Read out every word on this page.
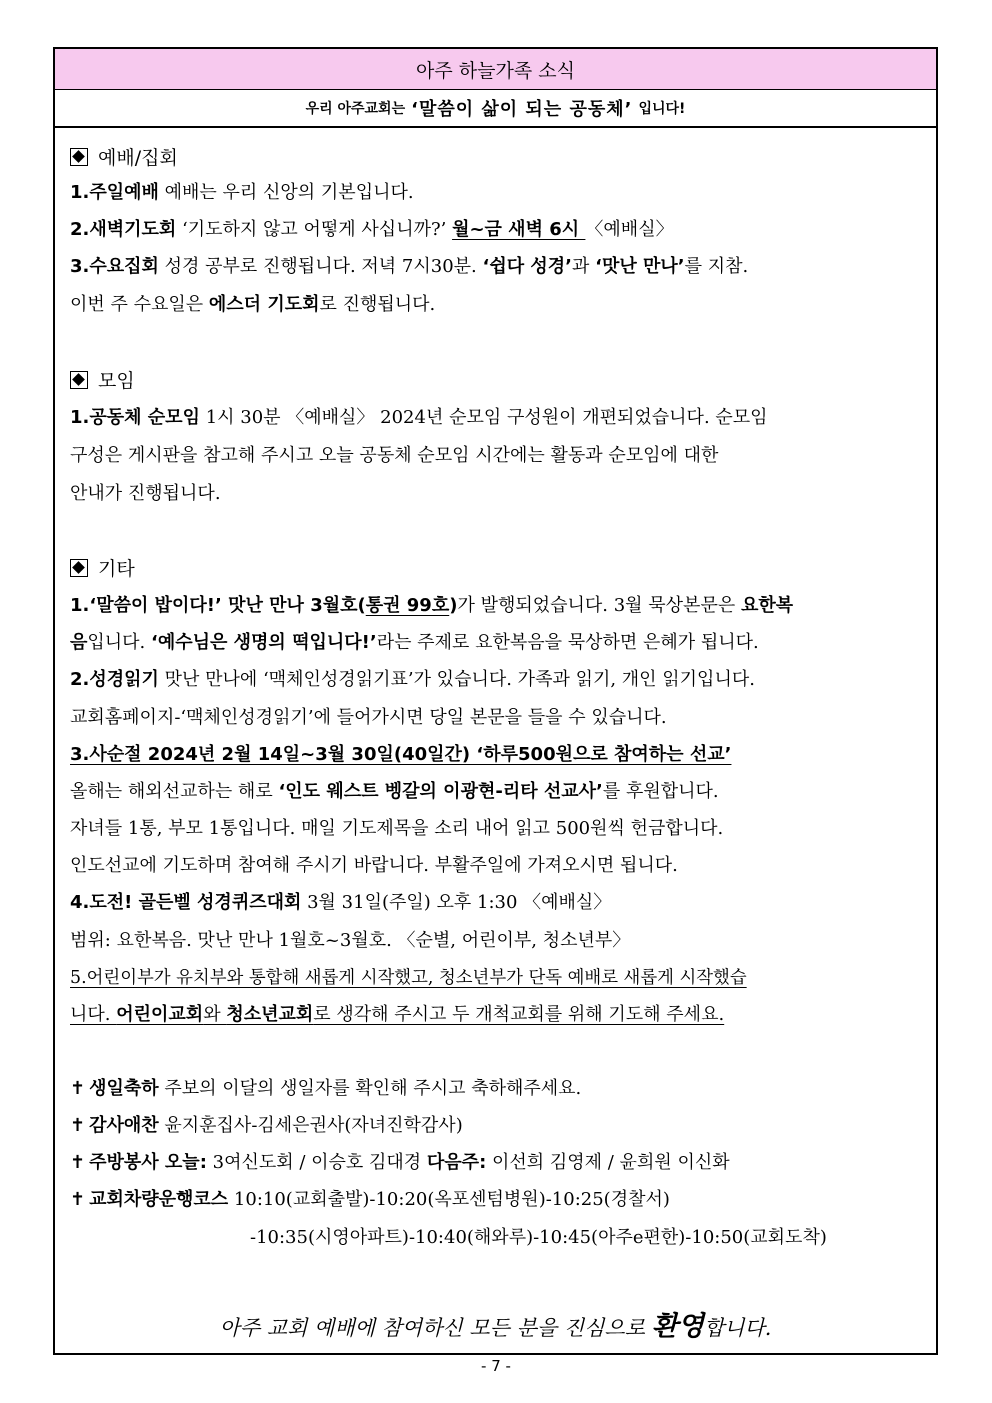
아주 하늘가족 소식
우리 아주교회는 ‘말씀이 삶이 되는 공동체’ 입니다!
예배/집회
1.주일예배 예배는 우리 신앙의 기본입니다.
2.새벽기도회 ‘기도하지 않고 어떻게 사십니까?’ 월~금 새벽 6시 〈예배실〉
3.수요집회 성경 공부로 진행됩니다. 저녁 7시30분. ‘쉽다 성경’과 ‘맛난 만나’를 지참.
이번 주 수요일은 에스더 기도회로 진행됩니다.
모임
1.공동체 순모임 1시 30분 〈예배실〉 2024년 순모임 구성원이 개편되었습니다. 순모임
구성은 게시판을 참고해 주시고 오늘 공동체 순모임 시간에는 활동과 순모임에 대한
안내가 진행됩니다.
기타
1.‘말씀이 밥이다!’ 맛난 만나 3월호(통권 99호)가 발행되었습니다. 3월 묵상본문은 요한복
음입니다. ‘예수님은 생명의 떡입니다!’라는 주제로 요한복음을 묵상하면 은혜가 됩니다.
2.성경읽기 맛난 만나에 ‘맥체인성경읽기표’가 있습니다. 가족과 읽기, 개인 읽기입니다.
교회홈페이지-‘맥체인성경읽기’에 들어가시면 당일 본문을 들을 수 있습니다.
3.사순절 2024년 2월 14일~3월 30일(40일간) ‘하루500원으로 참여하는 선교’
올해는 해외선교하는 해로 ‘인도 웨스트 벵갈의 이광현-리타 선교사’를 후원합니다.
자녀들 1통, 부모 1통입니다. 매일 기도제목을 소리 내어 읽고 500원씩 헌금합니다.
인도선교에 기도하며 참여해 주시기 바랍니다. 부활주일에 가져오시면 됩니다.
4.도전! 골든벨 성경퀴즈대회 3월 31일(주일) 오후 1:30 〈예배실〉
범위: 요한복음. 맛난 만나 1월호~3월호. 〈순별, 어린이부, 청소년부〉
5.어린이부가 유치부와 통합해 새롭게 시작했고, 청소년부가 단독 예배로 새롭게 시작했습
니다. 어린이교회와 청소년교회로 생각해 주시고 두 개척교회를 위해 기도해 주세요.
✝ 생일축하 주보의 이달의 생일자를 확인해 주시고 축하해주세요.
✝ 감사애찬 윤지훈집사-김세은권사(자녀진학감사)
✝ 주방봉사 오늘: 3여신도회 / 이승호 김대경 다음주: 이선희 김영제 / 윤희원 이신화
✝ 교회차량운행코스 10:10(교회출발)-10:20(옥포센텀병원)-10:25(경찰서)
-10:35(시영아파트)-10:40(해와루)-10:45(아주e편한)-10:50(교회도착)
아주 교회 예배에 참여하신 모든 분을 진심으로 환영합니다.
- 7 -
